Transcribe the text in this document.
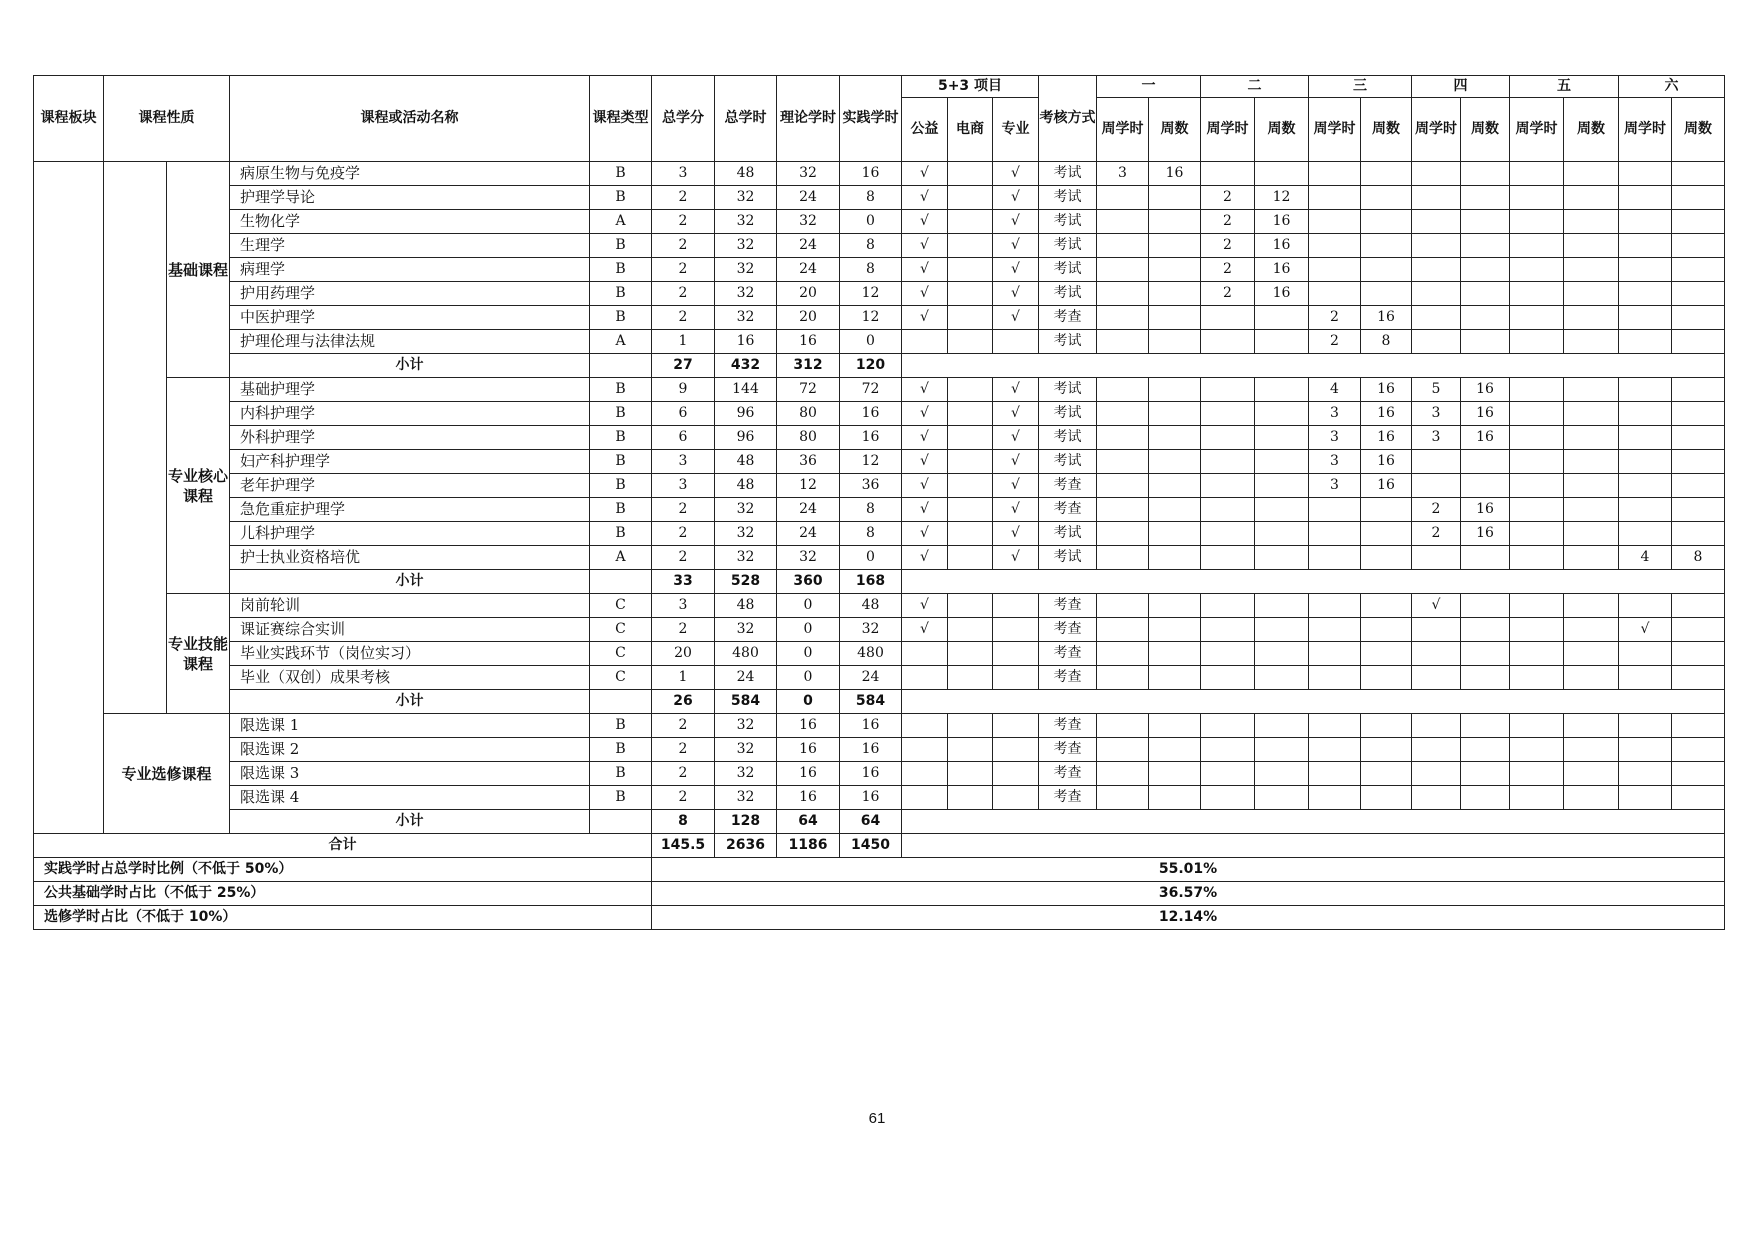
课程板块	课程性质		课程或活动名称	课程类型	总学分	总学时	理论学时	实践学时	5+3 项目			考核方式	一		二		三		四		五		六	
									公益	电商	专业		周学时	周数	周学时	周数	周学时	周数	周学时	周数	周学时	周数	周学时	周数
		基础课程	病原生物与免疫学	B	3	48	32	16	√		√	考试	3	16										
			护理学导论	B	2	32	24	8	√		√	考试			2	12								
			生物化学	A	2	32	32	0	√		√	考试			2	16								
			生理学	B	2	32	24	8	√		√	考试			2	16								
			病理学	B	2	32	24	8	√		√	考试			2	16								
			护用药理学	B	2	32	20	12	√		√	考试			2	16								
			中医护理学	B	2	32	20	12	√		√	考查					2	16						
			护理伦理与法律法规	A	1	16	16	0				考试					2	8						
			小计		27	432	312	120																
		专业核心课程	基础护理学	B	9	144	72	72	√		√	考试					4	16	5	16				
			内科护理学	B	6	96	80	16	√		√	考试					3	16	3	16				
			外科护理学	B	6	96	80	16	√		√	考试					3	16	3	16				
			妇产科护理学	B	3	48	36	12	√		√	考试					3	16						
			老年护理学	B	3	48	12	36	√		√	考查					3	16						
			急危重症护理学	B	2	32	24	8	√		√	考查							2	16				
			儿科护理学	B	2	32	24	8	√		√	考试							2	16				
			护士执业资格培优	A	2	32	32	0	√		√	考试											4	8
			小计		33	528	360	168																
		专业技能课程	岗前轮训	C	3	48	0	48	√			考查							√					
			课证赛综合实训	C	2	32	0	32	√			考查											√	
			毕业实践环节（岗位实习）	C	20	480	0	480				考查												
			毕业（双创）成果考核	C	1	24	0	24				考查												
			小计		26	584	0	584																
	专业选修课程		限选课 1	B	2	32	16	16				考查												
			限选课 2	B	2	32	16	16				考查												
			限选课 3	B	2	32	16	16				考查												
			限选课 4	B	2	32	16	16				考查												
			小计		8	128	64	64																
合计					145.5	2636	1186	1450																
实践学时占总学时比例（不低于 50%）					55.01%																			
公共基础学时占比（不低于 25%）					36.57%																			
选修学时占比（不低于 10%）					12.14%																			
61
